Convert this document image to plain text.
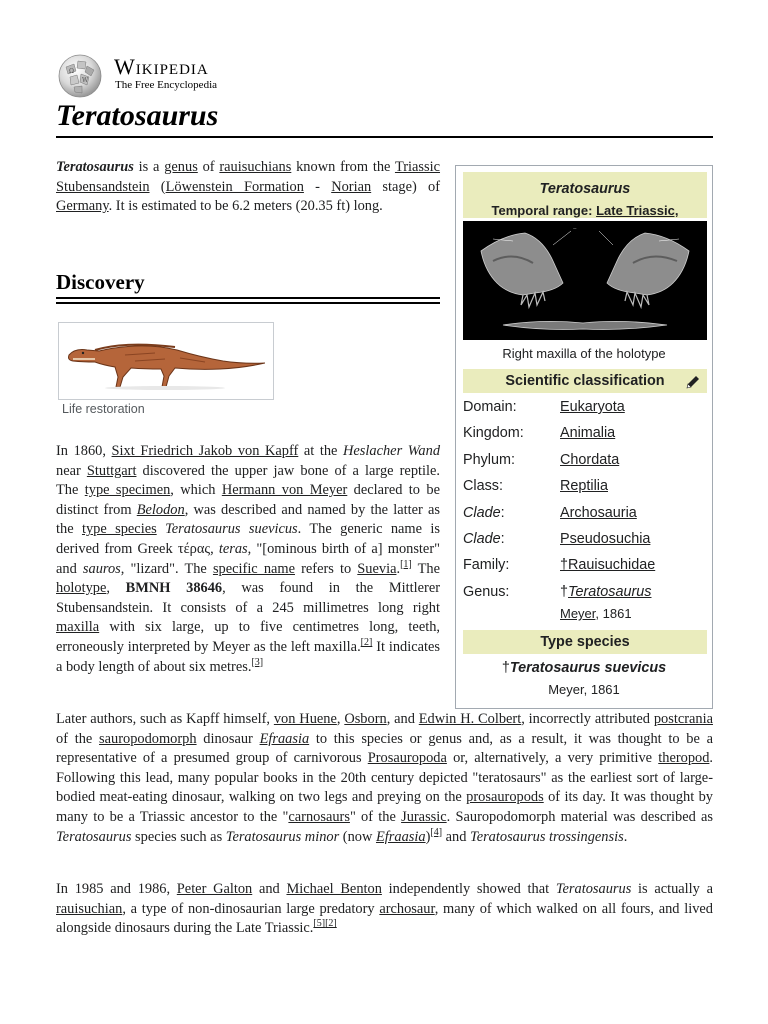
Ω
W
Wikipedia
The Free Encyclopedia
Teratosaurus

Teratosaurus is a genus of rauisuchians known from the Triassic Stubensandstein (Löwenstein Formation - Norian stage) of Germany. It is estimated to be 6.2 meters (20.35 ft) long.

Discovery
Life restoration

In 1860, Sixt Friedrich Jakob von Kapff at the Heslacher Wand near Stuttgart discovered the upper jaw bone of a large reptile. The type specimen, which Hermann von Meyer declared to be distinct from Belodon, was described and named by the latter as the type species Teratosaurus suevicus. The generic name is derived from Greek τέρας, teras, "[ominous birth of a] monster" and sauros, "lizard". The specific name refers to Suevia.[1] The holotype, BMNH 38646, was found in the Mittlerer Stubensandstein. It consists of a 245 millimetres long right maxilla with six large, up to five centimetres long, teeth, erroneously interpreted by Meyer as the left maxilla.[2] It indicates a body length of about six metres.[3]

Later authors, such as Kapff himself, von Huene, Osborn, and Edwin H. Colbert, incorrectly attributed postcrania of the sauropodomorph dinosaur Efraasia to this species or genus and, as a result, it was thought to be a representative of a presumed group of carnivorous Prosauropoda or, alternatively, a very primitive theropod. Following this lead, many popular books in the 20th century depicted "teratosaurs" as the earliest sort of large-bodied meat-eating dinosaur, walking on two legs and preying on the prosauropods of its day. It was thought by many to be a Triassic ancestor to the "carnosaurs" of the Jurassic. Sauropodomorph material was described as Teratosaurus species such as Teratosaurus minor (now Efraasia)[4] and Teratosaurus trossingensis.

In 1985 and 1986, Peter Galton and Michael Benton independently showed that Teratosaurus is actually a rauisuchian, a type of non-dinosaurian large predatory archosaur, many of which walked on all fours, and lived alongside dinosaurs during the Late Triassic.[5][2]

Teratosaurus
Temporal range: Late Triassic,
—
Right maxilla of the holotype
Scientific classification
Domain:	Eukaryota
Kingdom:	Animalia
Phylum:	Chordata
Class:	Reptilia
Clade:	Archosauria
Clade:	Pseudosuchia
Family:	†Rauisuchidae
Genus:	†Teratosaurus
Meyer, 1861
Type species
†Teratosaurus suevicus
Meyer, 1861
